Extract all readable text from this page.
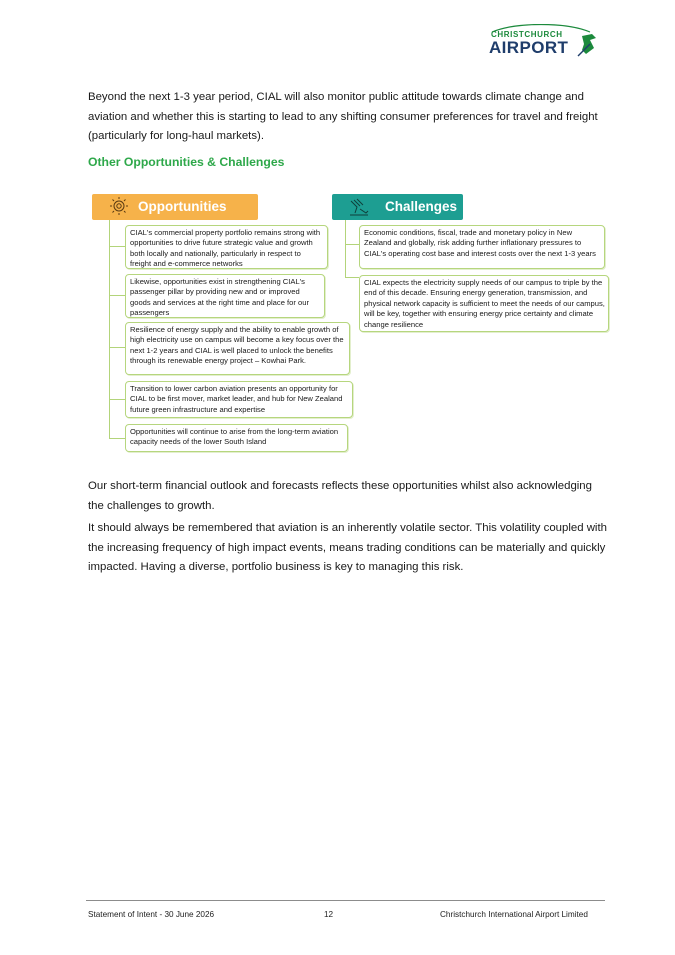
CHRISTCHURCH
AIRPORT

Beyond the next 1-3 year period, CIAL will also monitor public attitude towards climate change and aviation and whether this is starting to lead to any shifting consumer preferences for travel and freight (particularly for long-haul markets).

Other Opportunities & Challenges
Opportunities	Challenges
CIAL's commercial property portfolio remains strong with opportunities to drive future strategic value and growth both locally and nationally, particularly in respect to freight and e-commerce networks
Likewise, opportunities exist in strengthening CIAL's passenger pillar by providing new and or improved goods and services at the right time and place for our passengers
Resilience of energy supply and the ability to enable growth of high electricity use on campus will become a key focus over the next 1-2 years and CIAL is well placed to unlock the benefits through its renewable energy project – Kowhai Park.
Transition to lower carbon aviation presents an opportunity for CIAL to be first mover, market leader, and hub for New Zealand future green infrastructure and expertise
Opportunities will continue to arise from the long-term aviation capacity needs of the lower South Island
Economic conditions, fiscal, trade and monetary policy in New Zealand and globally, risk adding further inflationary pressures to CIAL's operating cost base and interest costs over the next 1-3 years
CIAL expects the electricity supply needs of our campus to triple by the end of this decade. Ensuring energy generation, transmission, and physical network capacity is sufficient to meet the needs of our campus, will be key, together with ensuring energy price certainty and climate change resilience

Our short-term financial outlook and forecasts reflects these opportunities whilst also acknowledging the challenges to growth.

It should always be remembered that aviation is an inherently volatile sector. This volatility coupled with the increasing frequency of high impact events, means trading conditions can be materially and quickly impacted. Having a diverse, portfolio business is key to managing this risk.

Statement of Intent - 30 June 2026	12	Christchurch International Airport Limited
